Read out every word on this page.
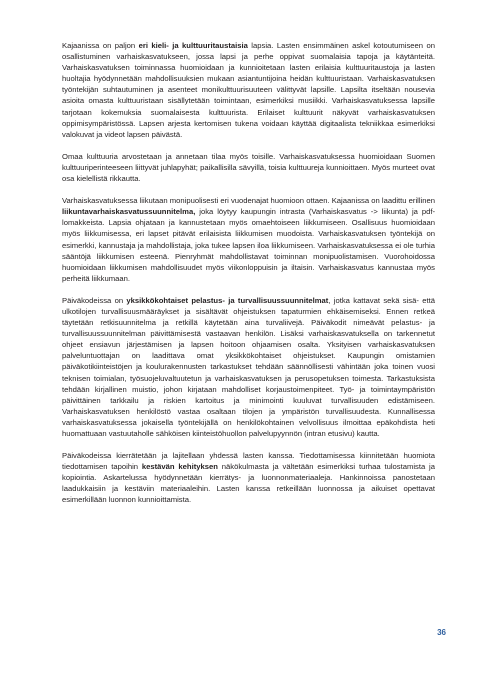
Kajaanissa on paljon eri kieli- ja kulttuuritaustaisia lapsia. Lasten ensimmäinen askel kotoutumiseen on osallistuminen varhaiskasvatukseen, jossa lapsi ja perhe oppivat suomalaisia tapoja ja käytänteitä. Varhaiskasvatuksen toiminnassa huomioidaan ja kunnioitetaan lasten erilaisia kulttuuritaustoja ja lasten huoltajia hyödynnetään mahdollisuuksien mukaan asiantuntijoina heidän kulttuuristaan. Varhaiskasvatuksen työntekijän suhtautuminen ja asenteet monikulttuurisuuteen välittyvät lapsille. Lapsilta itseltään nousevia asioita omasta kulttuuristaan sisällytetään toimintaan, esimerkiksi musiikki. Varhaiskasvatuksessa lapsille tarjotaan kokemuksia suomalaisesta kulttuurista. Erilaiset kulttuurit näkyvät varhaiskasvatuksen oppimisympäristössä. Lapsen arjesta kertomisen tukena voidaan käyttää digitaalista tekniikkaa esimerkiksi valokuvat ja videot lapsen päivästä.

Omaa kulttuuria arvostetaan ja annetaan tilaa myös toisille. Varhaiskasvatuksessa huomioidaan Suomen kulttuuriperinteeseen liittyvät juhlapyhät; paikallisilla sävyillä, toisia kulttuureja kunnioittaen. Myös murteet ovat osa kielellistä rikkautta.

Varhaiskasvatuksessa liikutaan monipuolisesti eri vuodenajat huomioon ottaen. Kajaanissa on laadittu erillinen liikuntavarhaiskasvatussuunnitelma, joka löytyy kaupungin intrasta (Varhaiskasvatus -> liikunta) ja pdf-lomakkeista. Lapsia ohjataan ja kannustetaan myös omaehtoiseen liikkumiseen. Osallisuus huomioidaan myös liikkumisessa, eri lapset pitävät erilaisista liikkumisen muodoista. Varhaiskasvatuksen työntekijä on esimerkki, kannustaja ja mahdollistaja, joka tukee lapsen iloa liikkumiseen. Varhaiskasvatuksessa ei ole turhia sääntöjä liikkumisen esteenä. Pienryhmät mahdollistavat toiminnan monipuolistamisen. Vuorohoidossa huomioidaan liikkumisen mahdollisuudet myös viikonloppuisin ja iltaisin. Varhaiskasvatus kannustaa myös perheitä liikkumaan.

Päiväkodeissa on yksikkökohtaiset pelastus- ja turvallisuussuunnitelmat, jotka kattavat sekä sisä- että ulkotilojen turvallisuusmääräykset ja sisältävät ohjeistuksen tapaturmien ehkäisemiseksi. Ennen retkeä täytetään retkisuunnitelma ja retkillä käytetään aina turvaliivejä. Päiväkodit nimeävät pelastus- ja turvallisuussuunnitelman päivittämisestä vastaavan henkilön. Lisäksi varhaiskasvatuksella on tarkennetut ohjeet ensiavun järjestämisen ja lapsen hoitoon ohjaamisen osalta. Yksityisen varhaiskasvatuksen palveluntuottajan on laadittava omat yksikkökohtaiset ohjeistukset. Kaupungin omistamien päiväkotikiinteistöjen ja koulurakennusten tarkastukset tehdään säännöllisesti vähintään joka toinen vuosi teknisen toimialan, työsuojeluvaltuutetun ja varhaiskasvatuksen ja perusopetuksen toimesta. Tarkastuksista tehdään kirjallinen muistio, johon kirjataan mahdolliset korjaustoimenpiteet. Työ- ja toimintaympäristön päivittäinen tarkkailu ja riskien kartoitus ja minimointi kuuluvat turvallisuuden edistämiseen. Varhaiskasvatuksen henkilöstö vastaa osaltaan tilojen ja ympäristön turvallisuudesta. Kunnallisessa varhaiskasvatuksessa jokaisella työntekijällä on henkilökohtainen velvollisuus ilmoittaa epäkohdista heti huomattuaan vastuutaholle sähköisen kiinteistöhuollon palvelupyynnön (intran etusivu) kautta.

Päiväkodeissa kierrätetään ja lajitellaan yhdessä lasten kanssa. Tiedottamisessa kiinnitetään huomiota tiedottamisen tapoihin kestävän kehityksen näkökulmasta ja vältetään esimerkiksi turhaa tulostamista ja kopiointia. Askartelussa hyödynnetään kierrätys- ja luonnonmateriaaleja. Hankinnoissa panostetaan laadukkaisiin ja kestäviin materiaaleihin. Lasten kanssa retkeillään luonnossa ja aikuiset opettavat esimerkillään luonnon kunnioittamista.

36
